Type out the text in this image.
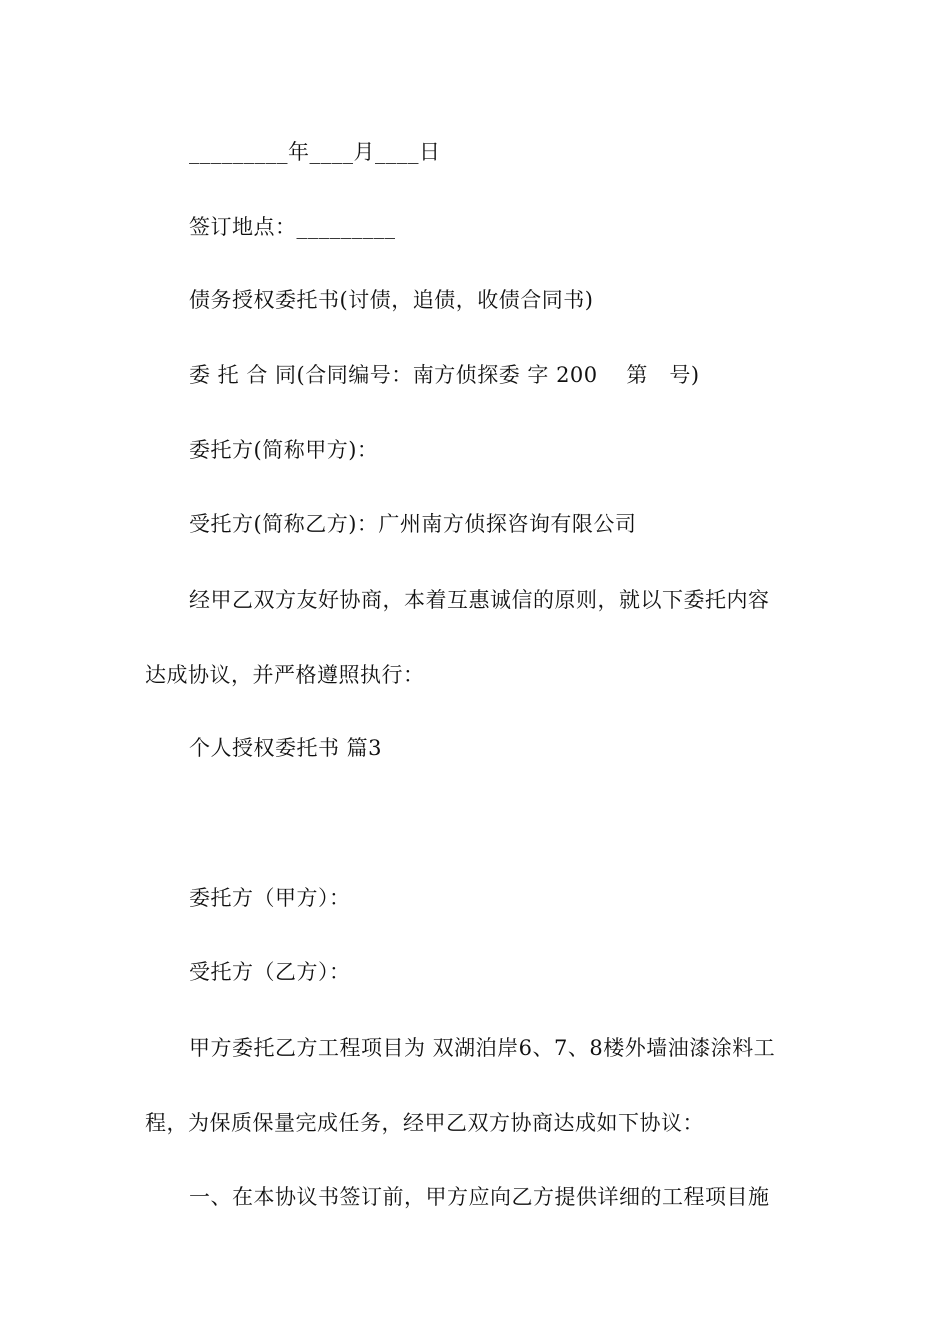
_________年____月____日
签订地点：_________
债务授权委托书(讨债，追债，收债合同书)
委 托 合 同(合同编号：南方侦探委 字 200    第   号)
委托方(简称甲方)：
受托方(简称乙方)：广州南方侦探咨询有限公司
经甲乙双方友好协商，本着互惠诚信的原则，就以下委托内容
达成协议，并严格遵照执行：
个人授权委托书 篇3
委托方（甲方）：
受托方（乙方）：
甲方委托乙方工程项目为 双湖泊岸6、7、8楼外墙油漆涂料工
程，为保质保量完成任务，经甲乙双方协商达成如下协议：
一、在本协议书签订前，甲方应向乙方提供详细的工程项目施
